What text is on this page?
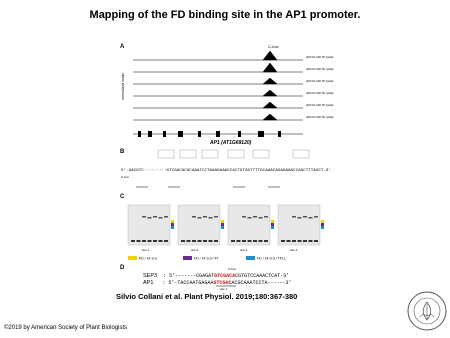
Mapping of the FD binding site in the AP1 promoter.
A	C-box
normalized reads
pFD:FD-GFP FD (peak)
pFD:FD-GFP FD (peak)
pFD:FD-GFP FD (peak)
pFD:FD-GFP FD (peak)
pFD:FD-GFP FD (peak)
pFD:FD-GFP FD (peak)
AP1 (AT1G69120)
B
5'-GACGTC·········GTCGACACGCAAATCCTAAAGAAACCACTGTGGTTTTGCAAACAGAGAAACCAGCTTTAGCT-3'
C-box
C
site 1	site 2	site 3	site 4
FD / 14-3-3	FD / 14-3-3 / FT	FD / 14-3-3 / TFL1
D	C-box
SEP3 : 5'-------CGAGATGTCGACACGTGTCCAAACTCAT-3'
AP1 : 5'-TACCAATGAGAAGTCGACACGCAAATCCTA------3'
site 1
Silvio Collani et al. Plant Physiol. 2019;180:367-380
©2019 by American Society of Plant Biologists
